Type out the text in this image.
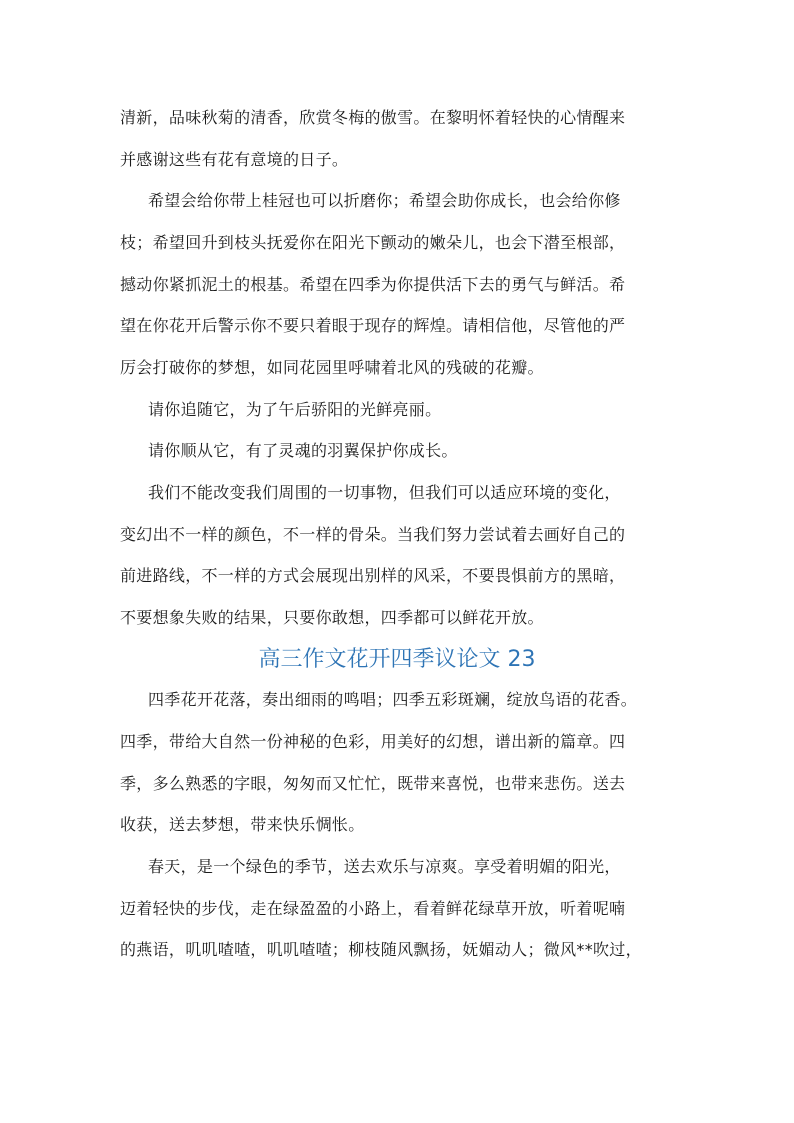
清新，品味秋菊的清香，欣赏冬梅的傲雪。在黎明怀着轻快的心情醒来
并感谢这些有花有意境的日子。
希望会给你带上桂冠也可以折磨你；希望会助你成长，也会给你修
枝；希望回升到枝头抚爱你在阳光下颤动的嫩朵儿，也会下潜至根部，
撼动你紧抓泥土的根基。希望在四季为你提供活下去的勇气与鲜活。希
望在你花开后警示你不要只着眼于现存的辉煌。请相信他，尽管他的严
厉会打破你的梦想，如同花园里呼啸着北风的残破的花瓣。
请你追随它，为了午后骄阳的光鲜亮丽。
请你顺从它，有了灵魂的羽翼保护你成长。
我们不能改变我们周围的一切事物，但我们可以适应环境的变化，
变幻出不一样的颜色，不一样的骨朵。当我们努力尝试着去画好自己的
前进路线，不一样的方式会展现出别样的风采，不要畏惧前方的黑暗，
不要想象失败的结果，只要你敢想，四季都可以鲜花开放。
高三作文花开四季议论文 23
四季花开花落，奏出细雨的鸣唱；四季五彩斑斓，绽放鸟语的花香。
四季，带给大自然一份神秘的色彩，用美好的幻想，谱出新的篇章。四
季，多么熟悉的字眼，匆匆而又忙忙，既带来喜悦，也带来悲伤。送去
收获，送去梦想，带来快乐惆怅。
春天，是一个绿色的季节，送去欢乐与凉爽。享受着明媚的阳光，
迈着轻快的步伐，走在绿盈盈的小路上，看着鲜花绿草开放，听着呢喃
的燕语，叽叽喳喳，叽叽喳喳；柳枝随风飘扬，妩媚动人；微风**吹过，
